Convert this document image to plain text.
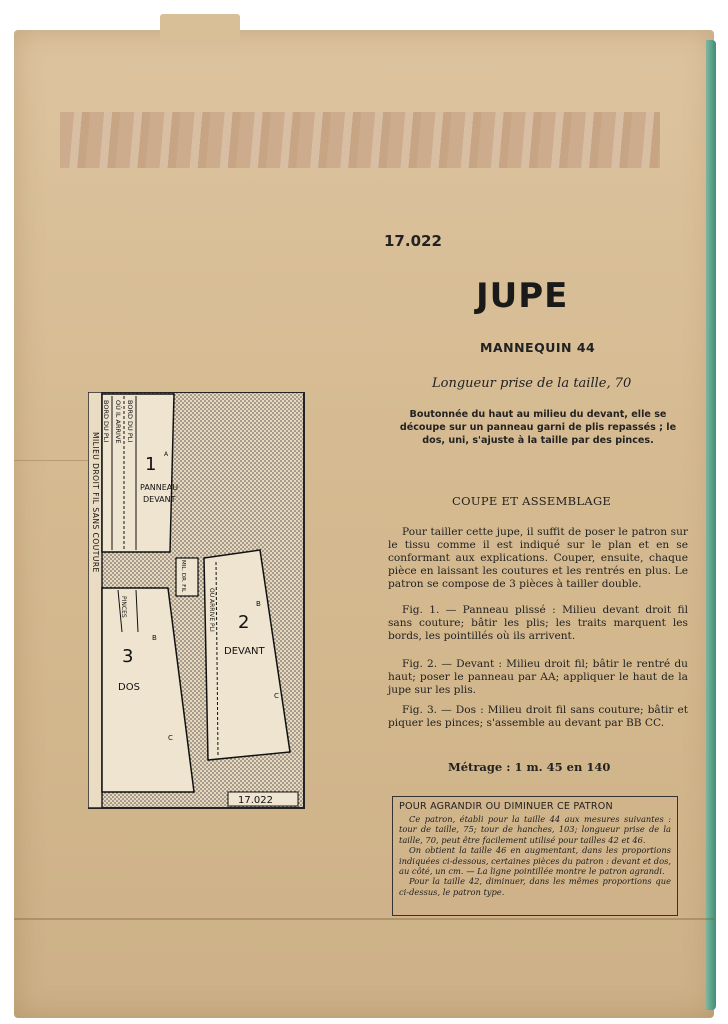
17.022
JUPE
MANNEQUIN 44
Longueur prise de la taille, 70
Boutonnée du haut au milieu du devant, elle se découpe sur un panneau garni de plis repassés ; le dos, uni, s'ajuste à la taille par des pinces.
COUPE ET ASSEMBLAGE
Pour tailler cette jupe, il suffit de poser le patron sur le tissu comme il est indiqué sur le plan et en se conformant aux explications. Couper, ensuite, chaque pièce en laissant les coutures et les rentrés en plus. Le patron se compose de 3 pièces à tailler double.
Fig. 1. — Panneau plissé : Milieu devant droit fil sans couture; bâtir les plis; les traits marquent les bords, les pointillés où ils arrivent.
Fig. 2. — Devant : Milieu droit fil; bâtir le rentré du haut; poser le panneau par AA; appliquer le haut de la jupe sur les plis.
Fig. 3. — Dos : Milieu droit fil sans couture; bâtir et piquer les pinces; s'assemble au devant par BB CC.
Métrage : 1 m. 45 en 140
POUR AGRANDIR OU DIMINUER CE PATRON

Ce patron, établi pour la taille 44 aux mesures suivantes : tour de taille, 75; tour de hanches, 103; longueur prise de la taille, 70, peut être facilement utilisé pour tailles 42 et 46.

On obtient la taille 46 en augmentant, dans les proportions indiquées ci-dessous, certaines pièces du patron : devant et dos, au côté, un cm. — La ligne pointillée montre le patron agrandi.

Pour la taille 42, diminuer, dans les mêmes proportions que ci-dessus, le patron type.

MILIEU DROIT FIL SANS COUTURE
BORD DU PLI OÙ IL ARRIVE BORD DU PLI
1
PANNEAU
DEVANT
A
PINCES
3
DOS
B
C
MIL. DR. FIL
OÙ ARRIVE PLI 2
DEVANT
B
C
17.022
